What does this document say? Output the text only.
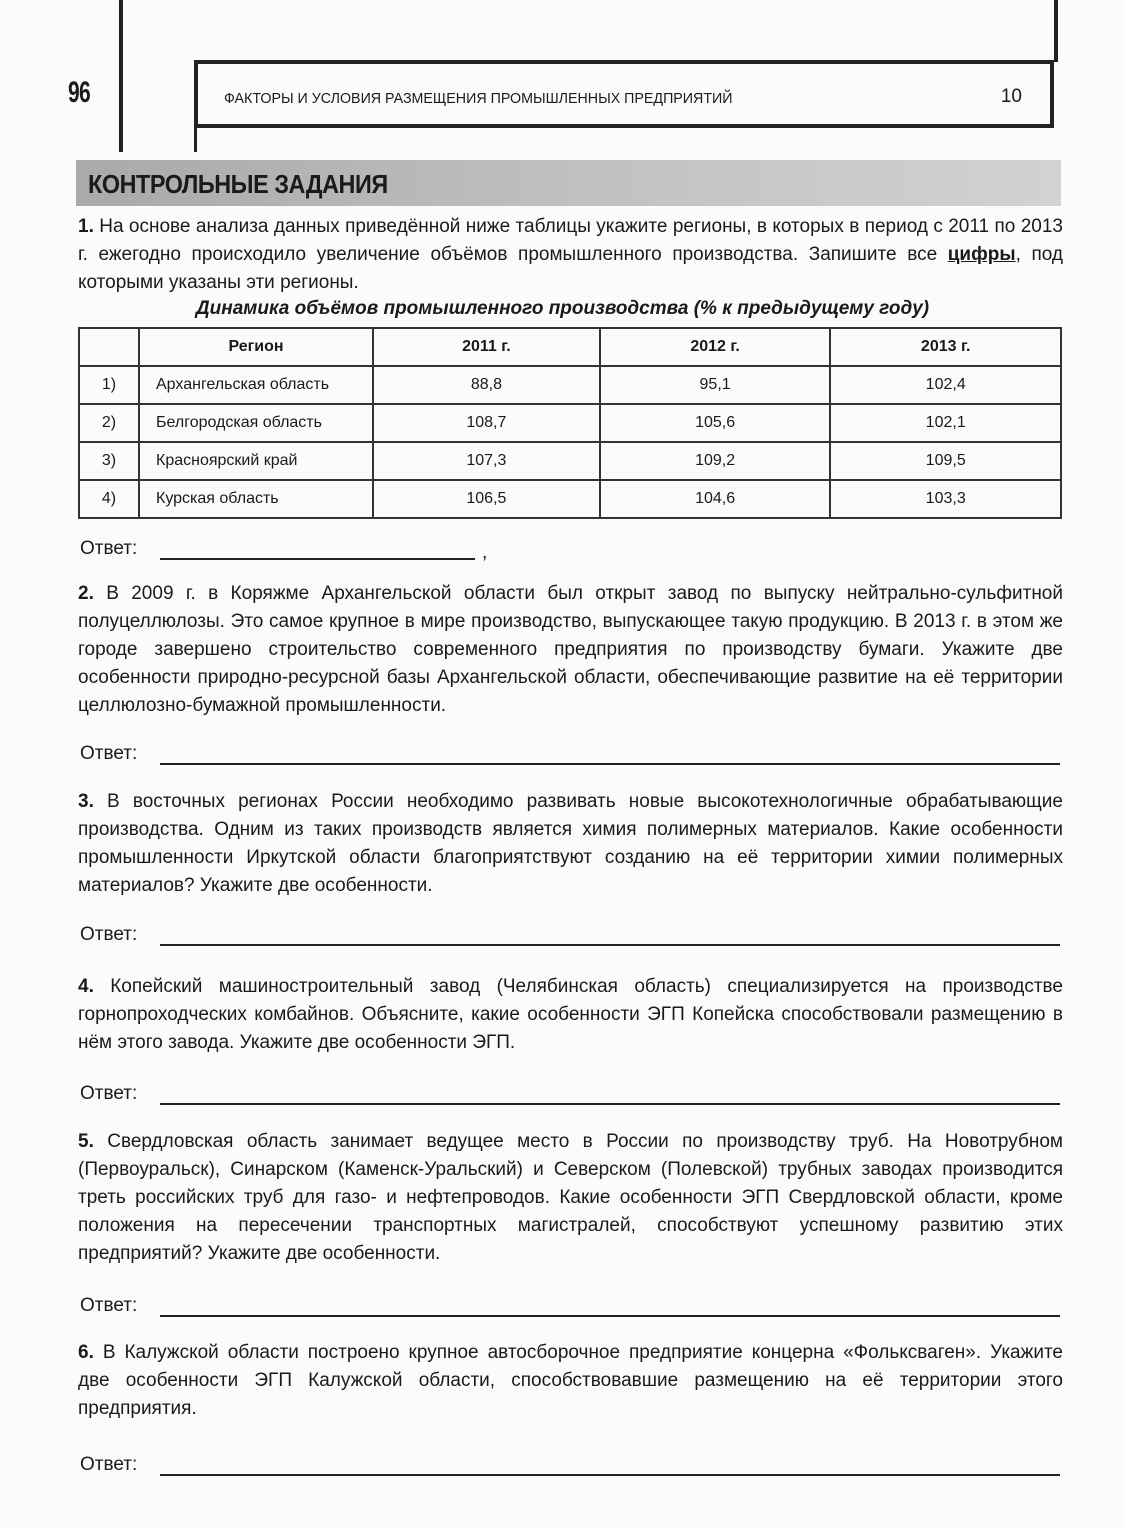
96	ФАКТОРЫ И УСЛОВИЯ РАЗМЕЩЕНИЯ ПРОМЫШЛЕННЫХ ПРЕДПРИЯТИЙ	10
КОНТРОЛЬНЫЕ ЗАДАНИЯ
1. На основе анализа данных приведённой ниже таблицы укажите регионы, в которых в период с 2011 по 2013 г. ежегодно происходило увеличение объёмов промышленного производства. Запишите все цифры, под которыми указаны эти регионы.
Динамика объёмов промышленного производства (% к предыдущему году)
	Регион	2011 г.	2012 г.	2013 г.
1)	Архангельская область	88,8	95,1	102,4
2)	Белгородская область	108,7	105,6	102,1
3)	Красноярский край	107,3	109,2	109,5
4)	Курская область	106,5	104,6	103,3
Ответ:	,
2. В 2009 г. в Коряжме Архангельской области был открыт завод по выпуску нейтрально-сульфитной полуцеллюлозы. Это самое крупное в мире производство, выпускающее такую продукцию. В 2013 г. в этом же городе завершено строительство современного предприятия по производству бумаги. Укажите две особенности природно-ресурсной базы Архангельской области, обеспечивающие развитие на её территории целлюлозно-бумажной промышленности.
Ответ:
3. В восточных регионах России необходимо развивать новые высокотехнологичные обрабатывающие производства. Одним из таких производств является химия полимерных материалов. Какие особенности промышленности Иркутской области благоприятствуют созданию на её территории химии полимерных материалов? Укажите две особенности.
Ответ:
4. Копейский машиностроительный завод (Челябинская область) специализируется на производстве горнопроходческих комбайнов. Объясните, какие особенности ЭГП Копейска способствовали размещению в нём этого завода. Укажите две особенности ЭГП.
Ответ:
5. Свердловская область занимает ведущее место в России по производству труб. На Новотрубном (Первоуральск), Синарском (Каменск-Уральский) и Северском (Полевской) трубных заводах производится треть российских труб для газо- и нефтепроводов. Какие особенности ЭГП Свердловской области, кроме положения на пересечении транспортных магистралей, способствуют успешному развитию этих предприятий? Укажите две особенности.
Ответ:
6. В Калужской области построено крупное автосборочное предприятие концерна «Фольксваген». Укажите две особенности ЭГП Калужской области, способствовавшие размещению на её территории этого предприятия.
Ответ:
